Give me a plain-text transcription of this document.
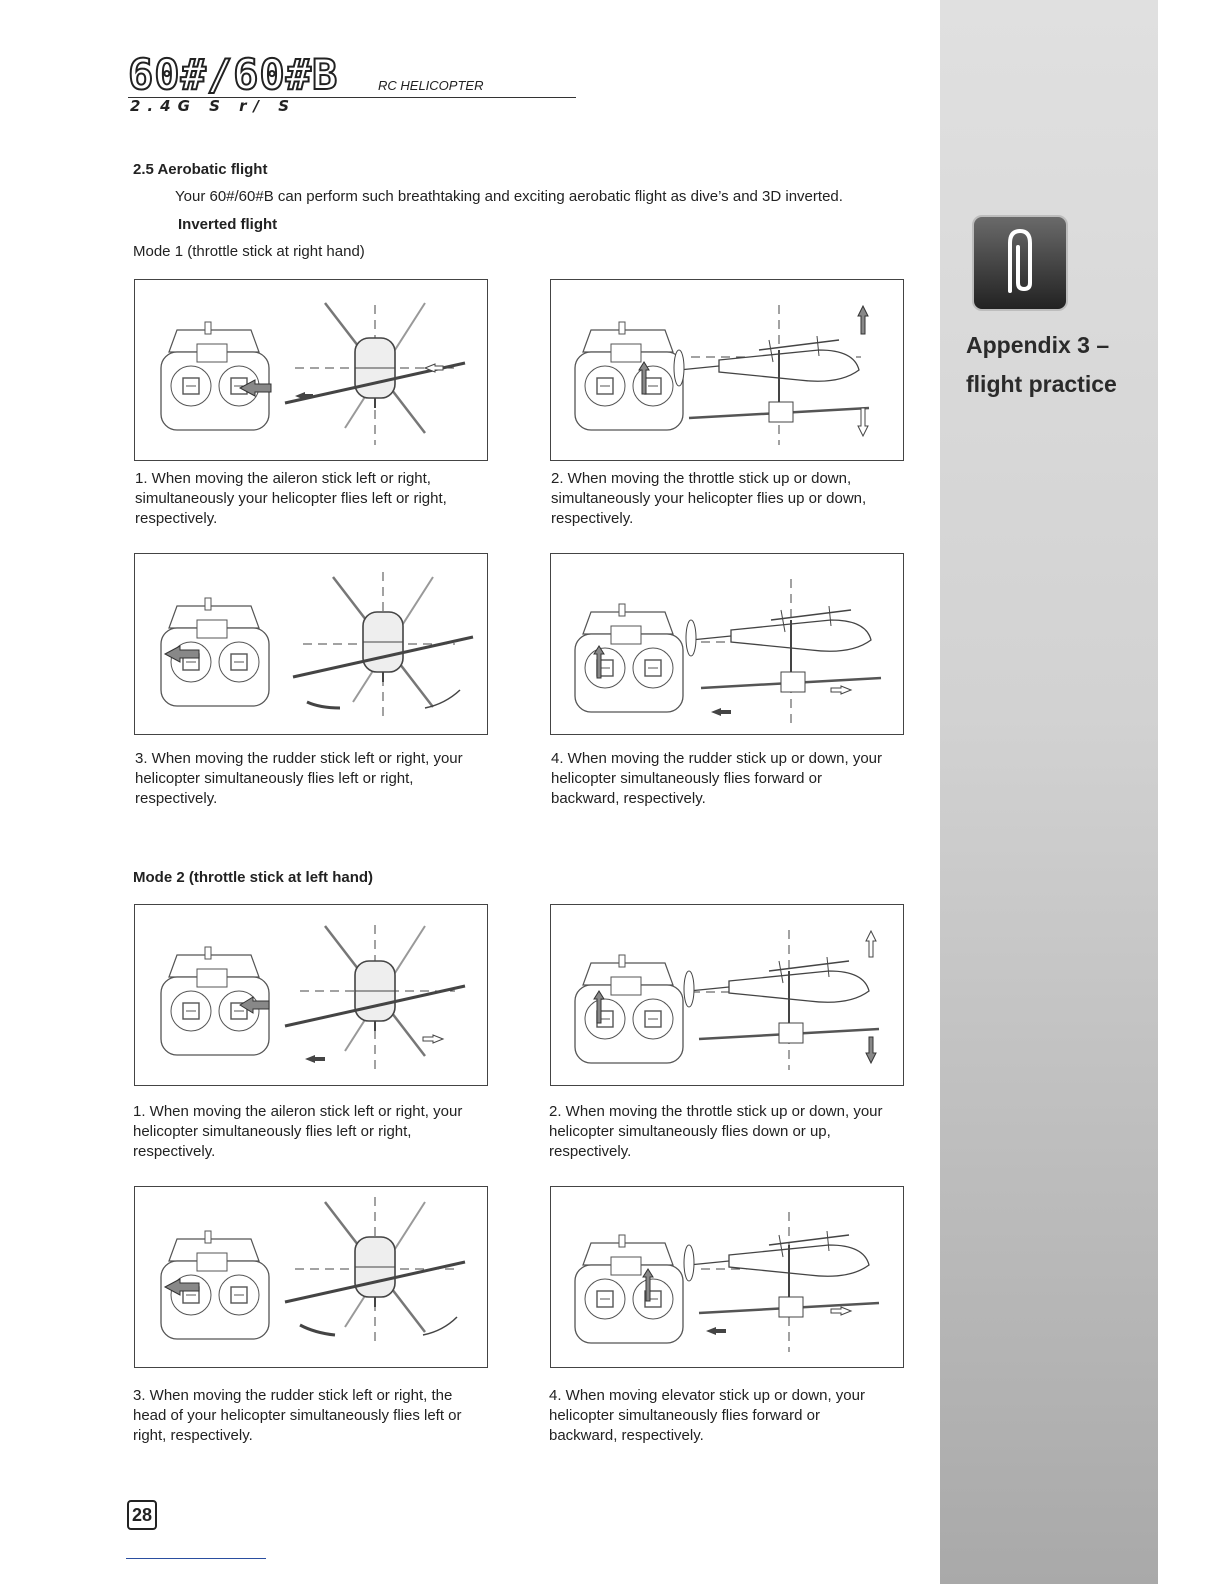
Appendix 3 –
flight practice
60#/60#B	RC HELICOPTER
2.4G S r/ S
2.5 Aerobatic flight
Your 60#/60#B can perform such breathtaking and exciting aerobatic flight as dive’s and 3D inverted.
Inverted flight
Mode 1 (throttle stick at right hand)
1. When moving the aileron stick left or right, simultaneously your helicopter flies left or right, respectively.
2. When moving the throttle stick up or down, simultaneously your helicopter flies up or down, respectively.
3. When moving the rudder stick left or right, your helicopter simultaneously flies left or right, respectively.
4. When moving the rudder stick up or down, your helicopter simultaneously flies forward or backward, respectively.
Mode 2 (throttle stick at left hand)
1. When moving the aileron stick left or right, your helicopter simultaneously flies left or right, respectively.
2. When moving the throttle stick up or down, your helicopter simultaneously flies down or up, respectively.
3. When moving the rudder stick left or right, the head of your helicopter simultaneously flies left or right, respectively.
4. When moving elevator stick up or down, your helicopter simultaneously flies forward or backward, respectively.
28
